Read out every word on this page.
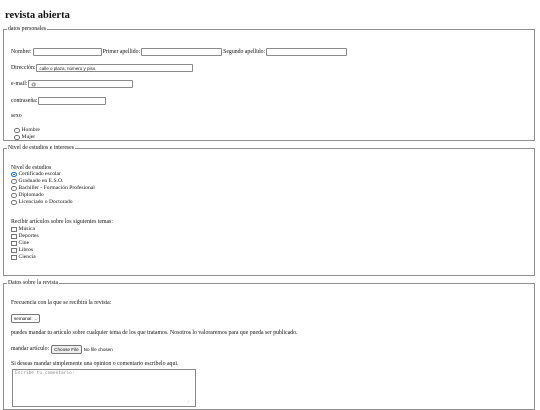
revista abierta
datos personales
Nombre:	Primer apellido:	Segundo apellido:
Dirección:
calle o plaza, número y piso.
e-mail:
@
contraseña:
sexo
Hombre
Mujer
Nivel de estudios e intereses
Nivel de estudios
Certificado escolar
Graduado en E.S.O.
Bachiller - Formación Profesional
Diplomado
Licenciado o Doctorado
Recibir artículos sobre los siguientes temas:
Música
Deportes
Cine
Libros
Ciencia
Datos sobre la revista
Frecuencia con la que se recibirá la revista:
semanal ⌵
puedes mandar tu artículo sobre cualquier tema de los que tratamos. Nosotros lo valoraremos para que pueda ser publicado.
mandar artículo:	Choose File	No file chosen
Si deseas mandar simplemente una opinion o comentario escribelo aqui.
Escribe tu comentario:
∕
